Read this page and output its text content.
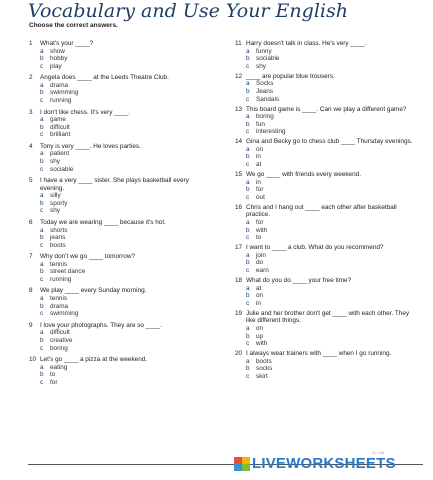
Vocabulary and Use Your English
Choose the correct answers.
1	What's your ____?
a	show
b	hobby
c	play
2	Angela does ____ at the Leeds Theatre Club.
a	drama
b	swimming
c	running
3	I don't like chess. It's very ____.
a	game
b	difficult
c	brilliant
4	Tony is very ____. He loves parties.
a	patient
b	shy
c	sociable
5	I have a very ____ sister. She plays basketball every evening.
a	silly
b	sporty
c	shy
6	Today we are wearing ____ because it's hot.
a	shorts
b	jeans
c	boots
7	Why don't we go ____ tomorrow?
a	tennis
b	street dance
c	running
8	We play ____ every Sunday morning.
a	tennis
b	drama
c	swimming
9	I love your photographs. They are so ____.
a	difficult
b	creative
c	boring
10 Let's go ____ a pizza at the weekend.
a	eating
b	to
c	for
11 Harry doesn't talk in class. He's very ____.
a	funny
b	sociable
c	shy
12 ____ are popular blue trousers.
a	Socks
b	Jeans
c	Sandals
13 This board game is ____. Can we play a different game?
a	boring
b	fun
c	interesting
14 Gina and Becky go to chess club ____ Thursday evenings.
a	on
b	in
c	at
15 We go ____ with friends every weekend.
a	in
b	for
c	out
16 Chris and I hang out ____ each other after basketball practice.
a	for
b	with
c	to
17 I want to ____ a club. What do you recommend?
a	join
b	do
c	earn
18 What do you do ____ your free time?
a	at
b	on
c	in
19 Julie and her brother don't get ____ with each other. They like different things.
a	on
b	up
c	with
20 I always wear trainers with ____ when I go running.
a	boots
b	socks
c	skirt
4 | 126
LIVEWORKSHEETS
